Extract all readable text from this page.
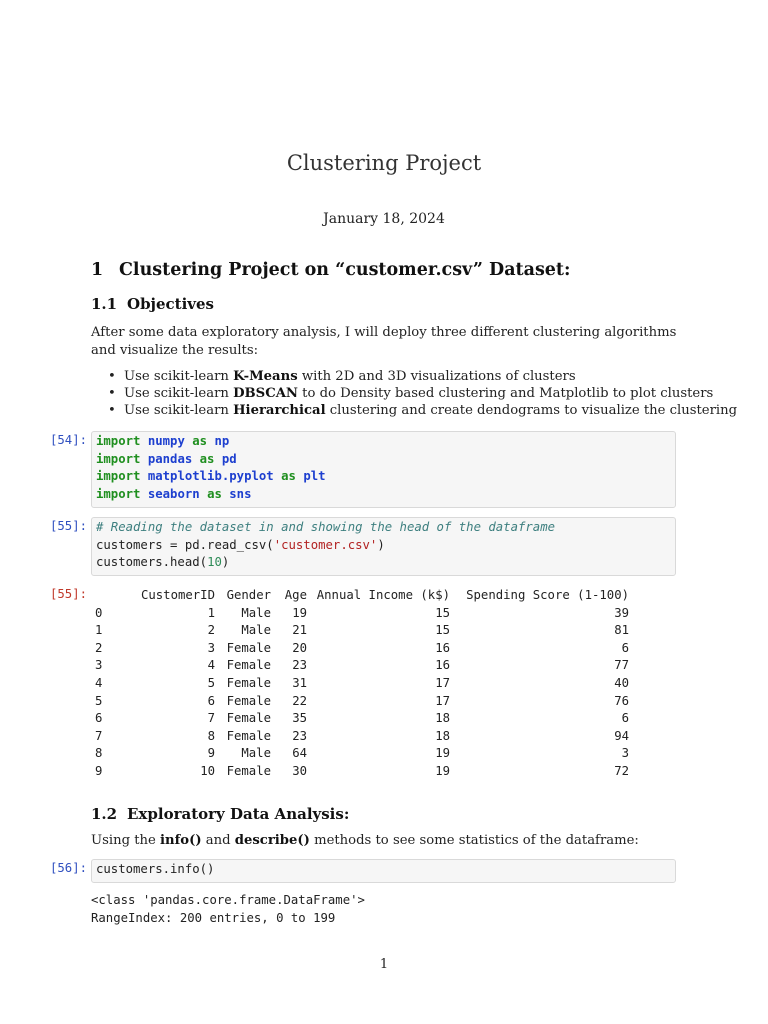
Clustering Project
January 18, 2024
1 Clustering Project on “customer.csv” Dataset:
1.1 Objectives
After some data exploratory analysis, I will deploy three different clustering algorithms and visualize the results:
• Use scikit-learn K-Means with 2D and 3D visualizations of clusters
• Use scikit-learn DBSCAN to do Density based clustering and Matplotlib to plot clusters
• Use scikit-learn Hierarchical clustering and create dendograms to visualize the clustering
[54]: import numpy as np
import pandas as pd
import matplotlib.pyplot as plt
import seaborn as sns
[55]: # Reading the dataset in and showing the head of the dataframe
customers = pd.read_csv('customer.csv')
customers.head(10)
[55]:
		CustomerID	Gender	Age	Annual Income (k$)	Spending Score (1-100)
0	1	Male	19	15	39
1	2	Male	21	15	81
2	3	Female	20	16	6
3	4	Female	23	16	77
4	5	Female	31	17	40
5	6	Female	22	17	76
6	7	Female	35	18	6
7	8	Female	23	18	94
8	9	Male	64	19	3
9	10	Female	30	19	72
1.2 Exploratory Data Analysis:
Using the info() and describe() methods to see some statistics of the dataframe:
[56]: customers.info()
<class 'pandas.core.frame.DataFrame'>
RangeIndex: 200 entries, 0 to 199
1
